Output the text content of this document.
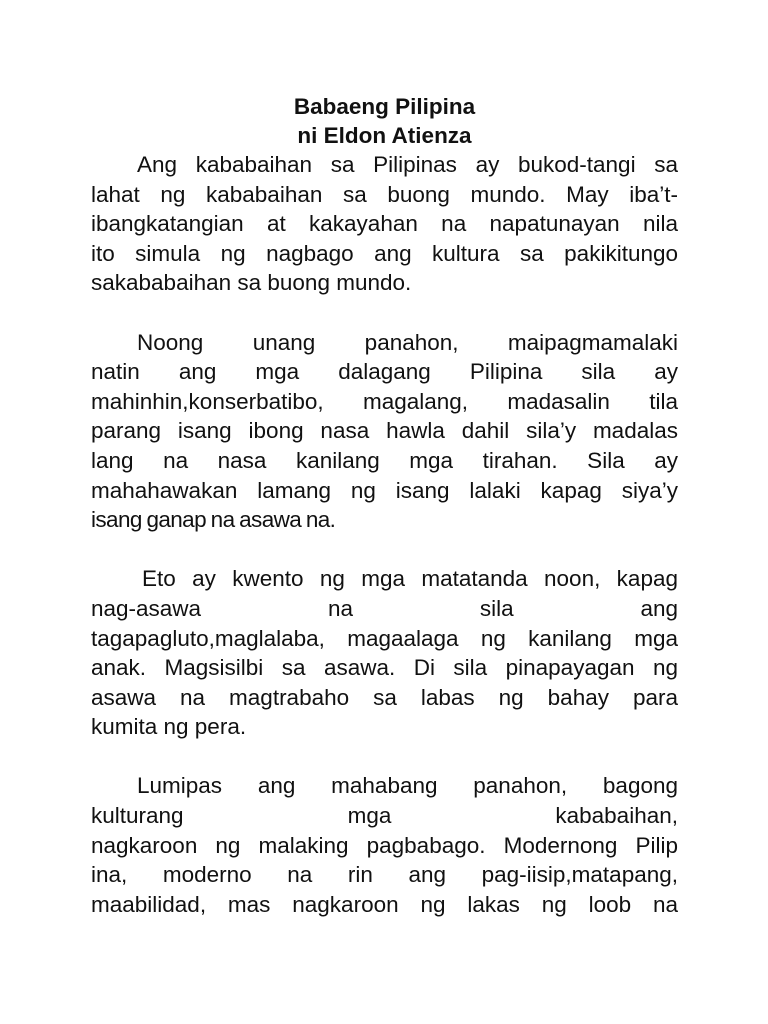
Babaeng Pilipina
ni Eldon Atienza
Ang kababaihan sa Pilipinas ay bukod-tangi sa
lahat ng kababaihan sa buong mundo. May iba’t-
ibangkatangian at kakayahan na napatunayan nila
ito simula ng nagbago ang kultura sa pakikitungo
sakababaihan sa buong mundo.
Noong unang panahon, maipagmamalaki
natin ang mga dalagang Pilipina sila ay
mahinhin,konserbatibo, magalang, madasalin tila
parang isang ibong nasa hawla dahil sila’y madalas
lang na nasa kanilang mga tirahan. Sila ay
mahahawakan lamang ng isang lalaki kapag siya’y
isang ganap na asawa na.
Eto ay kwento ng mga matatanda noon, kapag
nag-asawa na sila ang
tagapagluto,maglalaba, magaalaga ng kanilang mga
anak. Magsisilbi sa asawa. Di sila pinapayagan ng
asawa na magtrabaho sa labas ng bahay para
kumita ng pera.
Lumipas ang mahabang panahon, bagong
kulturang mga kababaihan,
nagkaroon ng malaking pagbabago. Modernong Pilip
ina, moderno na rin ang pag-iisip,matapang,
maabilidad, mas nagkaroon ng lakas ng loob na
